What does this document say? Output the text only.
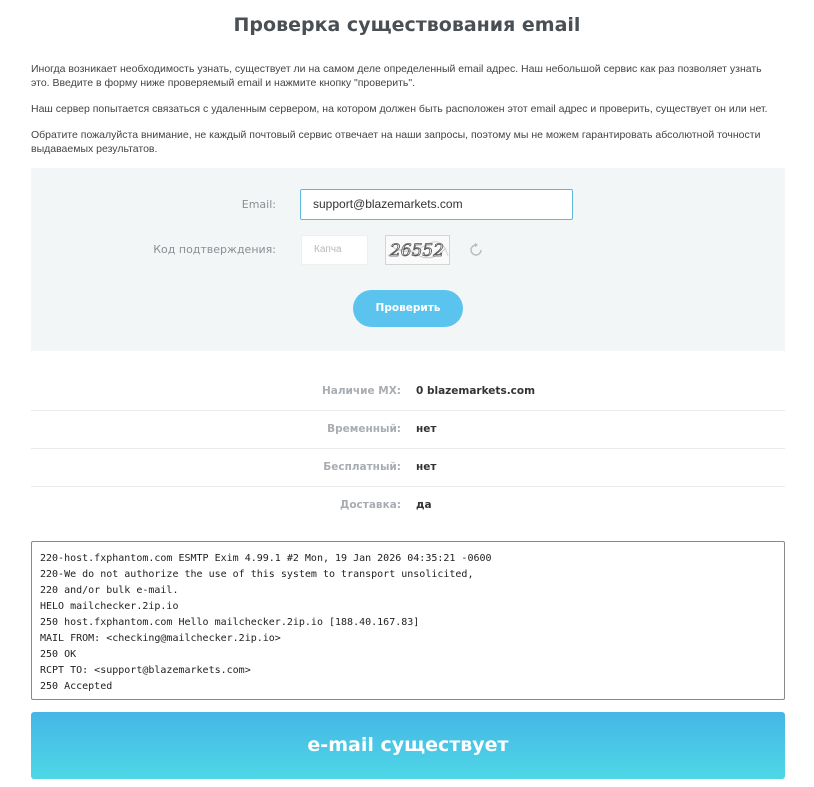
Проверка существования email

Иногда возникает необходимость узнать, существует ли на самом деле определенный email адрес. Наш небольшой сервис как раз позволяет узнать это. Введите в форму ниже проверяемый email и нажмите кнопку "проверить".

Наш сервер попытается связаться с удаленным сервером, на котором должен быть расположен этот email адрес и проверить, существует он или нет.

Обратите пожалуйста внимание, не каждый почтовый сервис отвечает на наши запросы, поэтому мы не можем гарантировать абсолютной точности выдаваемых результатов.

Email:	support@blazemarkets.com
Код подтверждения:	Капча	26552
Проверить
Наличие MX: 0 blazemarkets.com
Временный: нет
Бесплатный: нет
Доставка: да
220-host.fxphantom.com ESMTP Exim 4.99.1 #2 Mon, 19 Jan 2026 04:35:21 -0600
220-We do not authorize the use of this system to transport unsolicited,
220 and/or bulk e-mail.
HELO mailchecker.2ip.io
250 host.fxphantom.com Hello mailchecker.2ip.io [188.40.167.83]
MAIL FROM: <checking@mailchecker.2ip.io>
250 OK
RCPT TO: <support@blazemarkets.com>
250 Accepted
e-mail существует
